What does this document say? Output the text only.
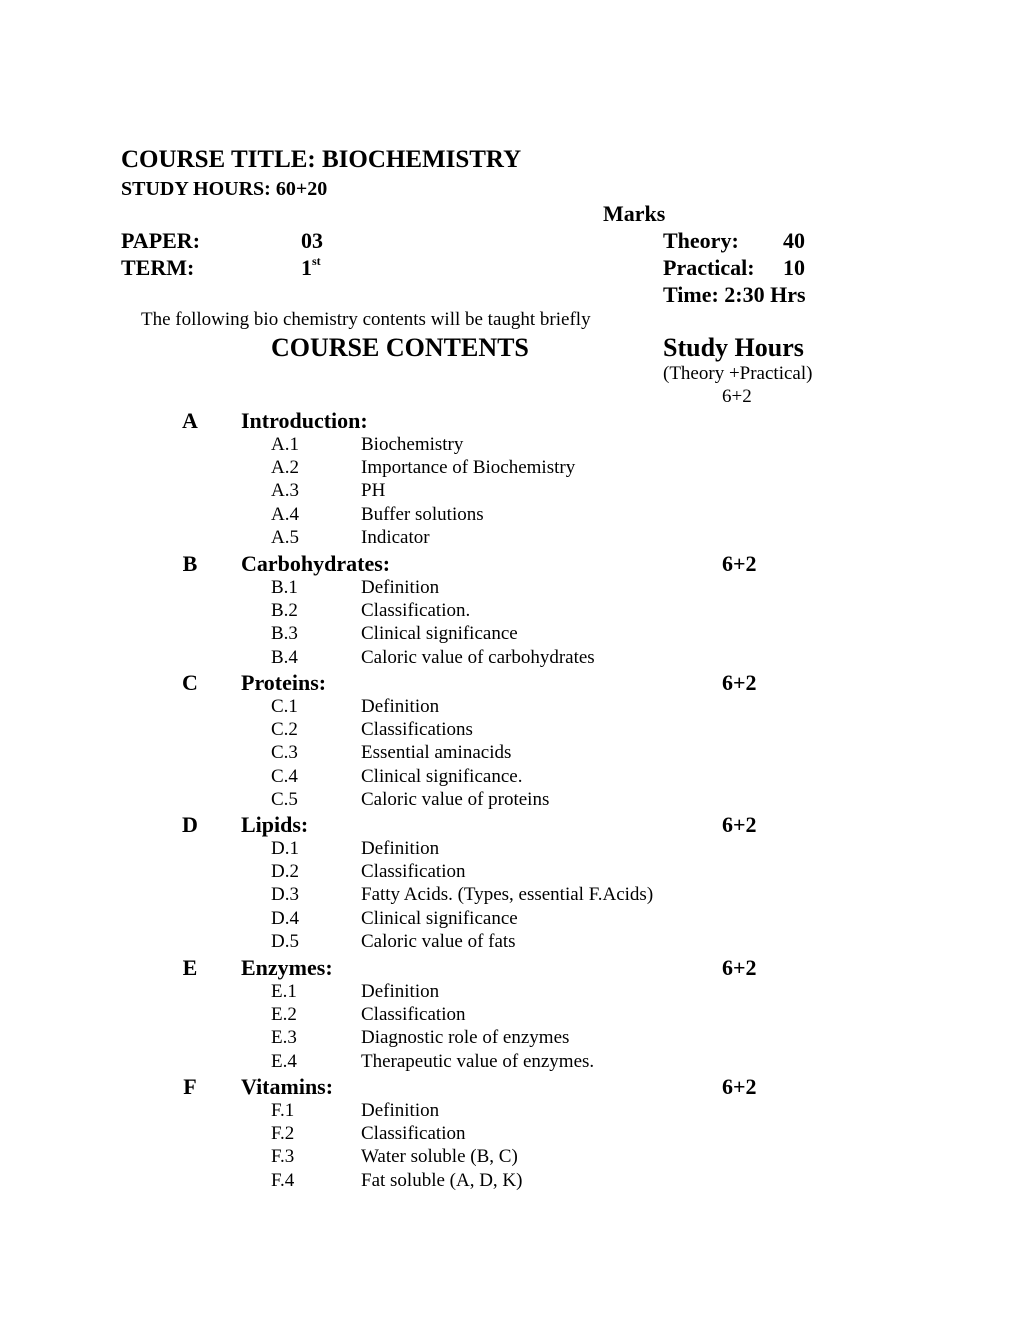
COURSE TITLE: BIOCHEMISTRY
STUDY HOURS: 60+20
Marks
PAPER:	03	Theory: 40
TERM:	1st	Practical: 10
Time: 2:30 Hrs
The following bio chemistry contents will be taught briefly
COURSE CONTENTS	Study Hours
(Theory +Practical)
6+2
A Introduction:
A.1	Biochemistry
A.2	Importance of Biochemistry
A.3	PH
A.4	Buffer solutions
A.5	Indicator
B Carbohydrates:	6+2
B.1	Definition
B.2	Classification.
B.3	Clinical significance
B.4	Caloric value of carbohydrates
C Proteins:	6+2
C.1	Definition
C.2	Classifications
C.3	Essential aminacids
C.4	Clinical significance.
C.5	Caloric value of proteins
D Lipids:	6+2
D.1	Definition
D.2	Classification
D.3	Fatty Acids. (Types, essential F.Acids)
D.4	Clinical significance
D.5	Caloric value of fats
E Enzymes:	6+2
E.1	Definition
E.2	Classification
E.3	Diagnostic role of enzymes
E.4	Therapeutic value of enzymes.
F Vitamins:	6+2
F.1	Definition
F.2	Classification
F.3	Water soluble (B, C)
F.4	Fat soluble (A, D, K)
